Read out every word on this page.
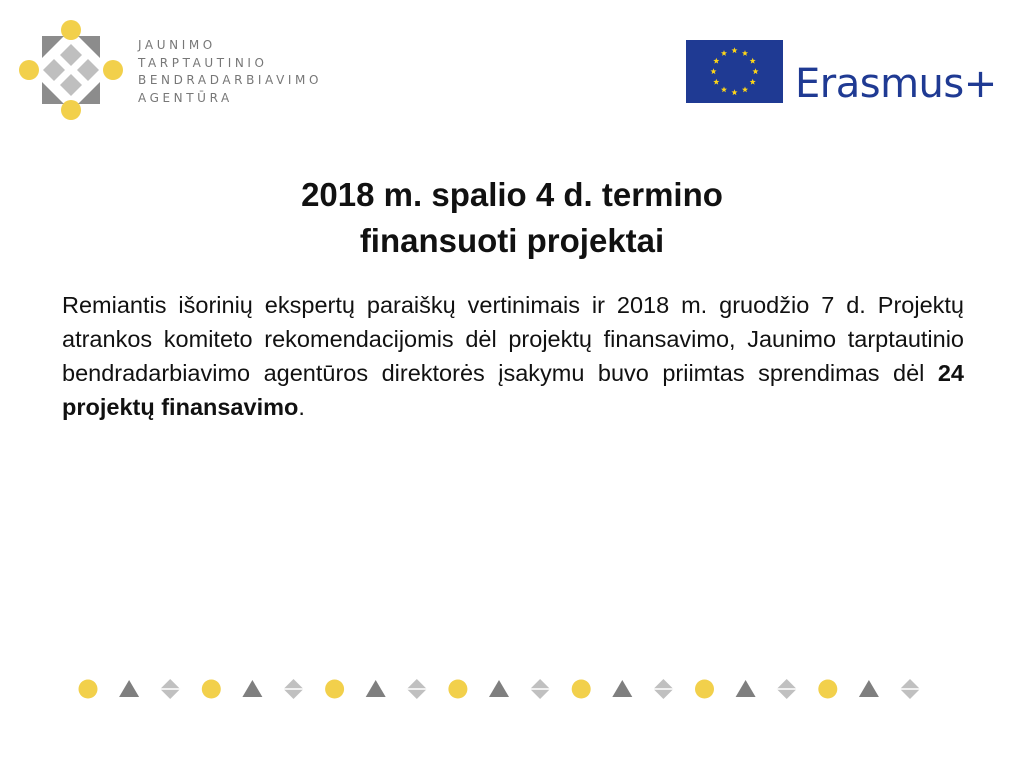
JAUNIMO
TARPTAUTINIO
BENDRADARBIAVIMO
AGENTŪRA	Erasmus+
2018 m. spalio 4 d. termino
finansuoti projektai
Remiantis išorinių ekspertų paraiškų vertinimais ir 2018 m. gruodžio 7 d. Projektų atrankos komiteto rekomendacijomis dėl projektų finansavimo, Jaunimo tarptautinio bendradarbiavimo agentūros direktorės įsakymu buvo priimtas sprendimas dėl 24 projektų finansavimo.
